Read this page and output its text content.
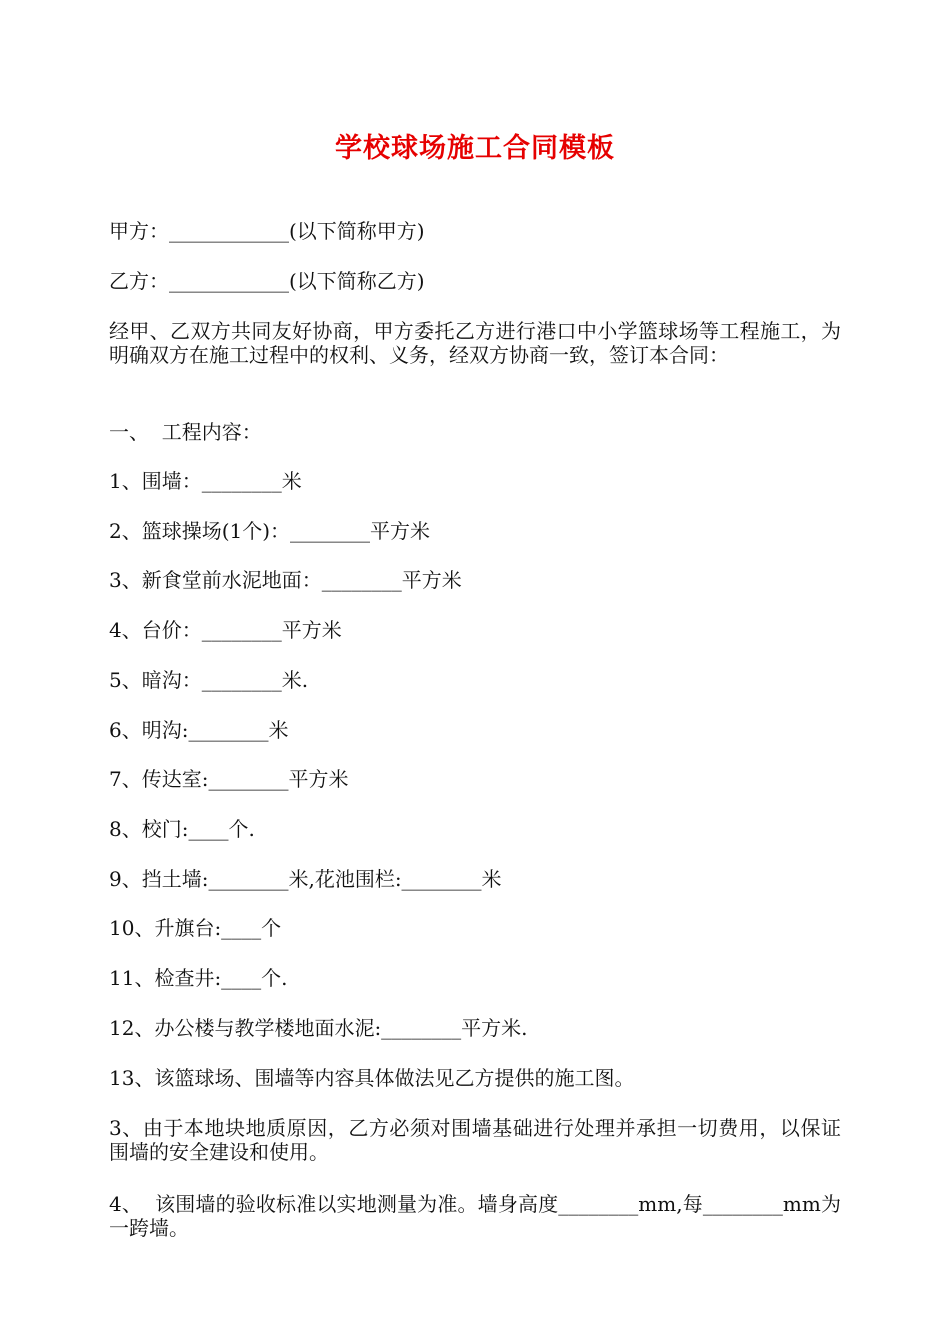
学校球场施工合同模板

甲方：____________(以下简称甲方)

乙方：____________(以下简称乙方)

经甲、乙双方共同友好协商，甲方委托乙方进行港口中小学篮球场等工程施工，为明确双方在施工过程中的权利、义务，经双方协商一致，签订本合同：

一、  工程内容：

1、围墙：________米

2、篮球操场(1个)：________平方米

3、新食堂前水泥地面：________平方米

4、台价：________平方米

5、暗沟：________米.

6、明沟:________米

7、传达室:________平方米

8、校门:____个.

9、挡土墙:________米,花池围栏:________米

10、升旗台:____个

11、检查井:____个.

12、办公楼与教学楼地面水泥:________平方米.

13、该篮球场、围墙等内容具体做法见乙方提供的施工图。

3、由于本地块地质原因，乙方必须对围墙基础进行处理并承担一切费用，以保证围墙的安全建设和使用。

4、  该围墙的验收标准以实地测量为准。墙身高度________mm,每________mm为一跨墙。
